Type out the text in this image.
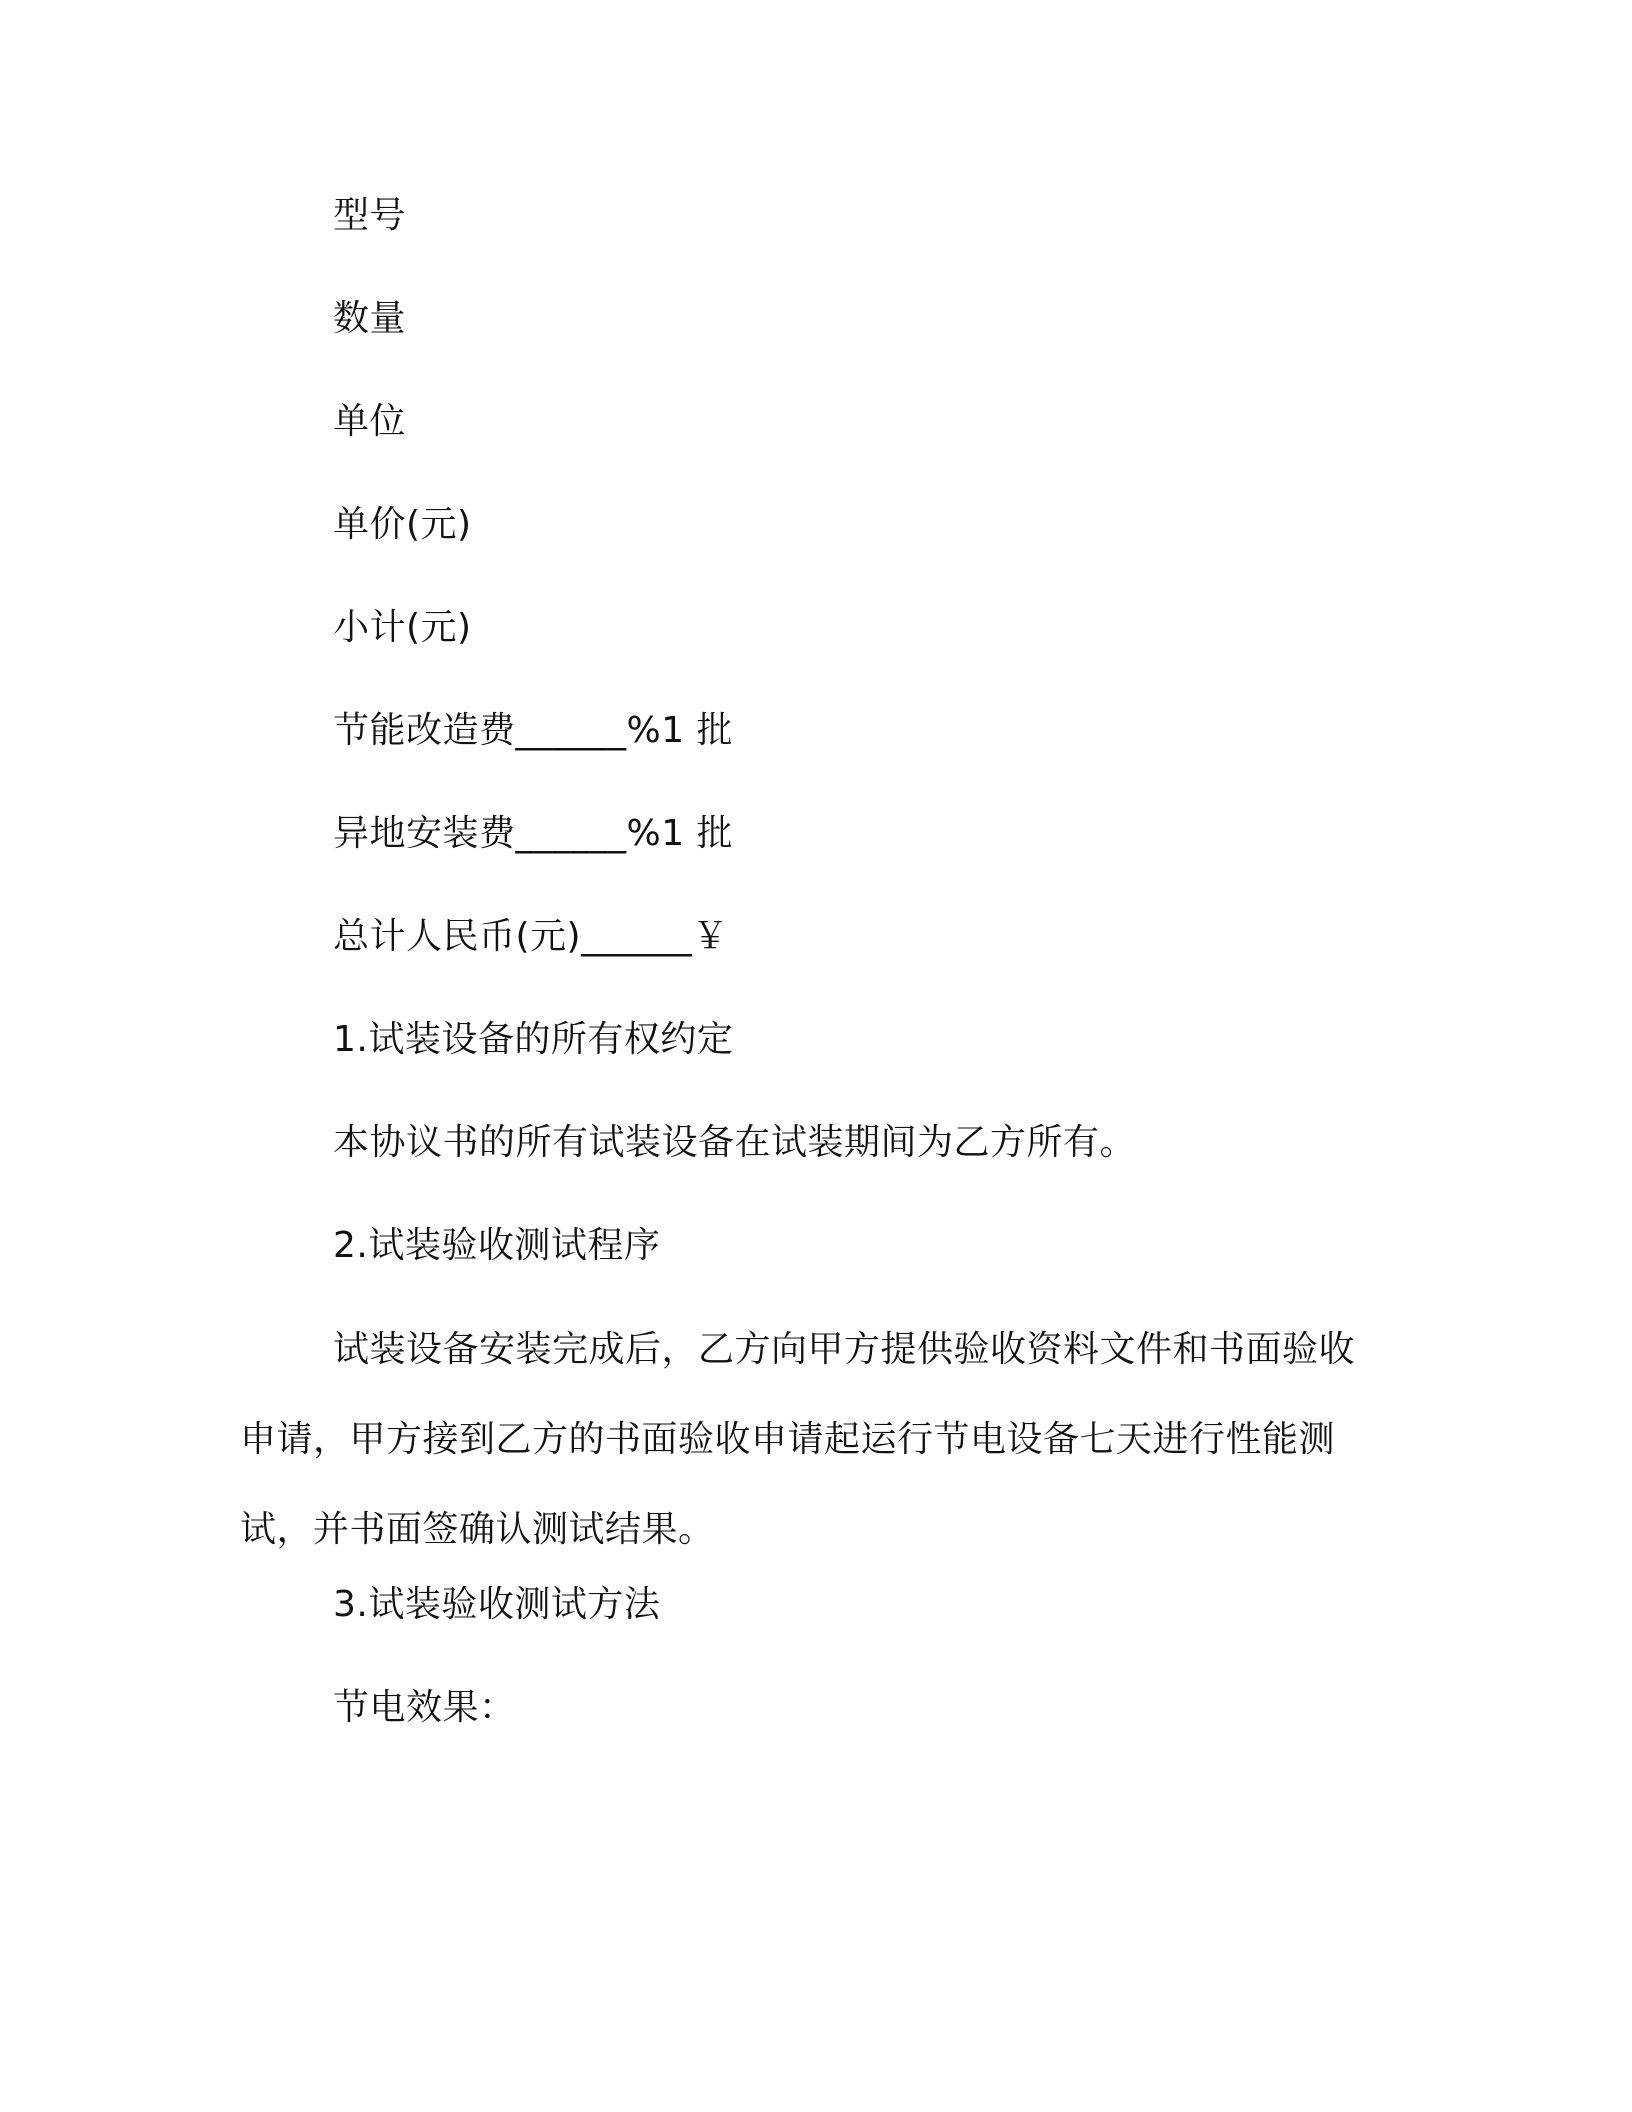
型号
数量
单位
单价(元)
小计(元)
节能改造费______%1 批
异地安装费______%1 批
总计人民币(元)______￥
1.试装设备的所有权约定
本协议书的所有试装设备在试装期间为乙方所有。
2.试装验收测试程序

试装设备安装完成后，乙方向甲方提供验收资料文件和书面验收申请，甲方接到乙方的书面验收申请起运行节电设备七天进行性能测试，并书面签确认测试结果。

3.试装验收测试方法
节电效果：
